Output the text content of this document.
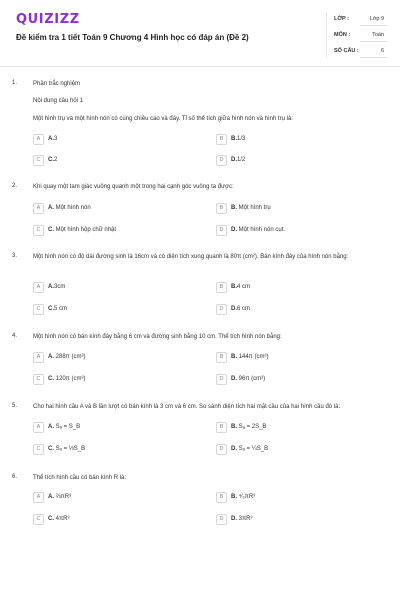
QUIZIZZ
Đề kiểm tra 1 tiết Toán 9 Chương 4 Hình học có đáp án (Đề 2)
LỚP :	Lớp 9
MÔN :	Toán
SỐ CÂU :	6
1.	Phần trắc nghiệm
Nội dung câu hỏi 1
Một hình trụ và một hình nón có cùng chiều cao và đáy. Tỉ số thể tích giữa hình nón và hình trụ là:
A	A.3	B	B.1/3
C	C.2	D	D.1/2
2.	Khi quay một tam giác vuông quanh một trong hai cạnh góc vuông ta được:
A	A. Một hình nón	B	B. Một hình trụ
C	C. Một hình hộp chữ nhật	D	D. Một hình nón cụt.
3.	Một hình nón có độ dài đường sinh là 16cm và có diện tích xung quanh là 80π (cm²). Bán kính đáy của hình nón bằng:
A	A.3cm	B	B.4 cm
C	C.5 cm	D	D.6 cm
4.	Một hình nón có bán kính đáy bằng 6 cm và đường sinh bằng 10 cm. Thể tích hình nón bằng:
A	A. 288π (cm³)	B	B. 144π (cm³)
C	C. 120π (cm³)	D	D. 96π (cm³)
5.	Cho hai hình cầu A và B lần lượt có bán kính là 3 cm và 6 cm. So sánh diện tích hai mặt cầu của hai hình cầu đó là:
A	A. Sₐ = S_B	B	B. Sₐ = 2S_B
C	C. Sₐ = ⅓S_B	D	D. Sₐ = ¼S_B
6.	Thể tích hình cầu có bán kính R là:
A	A. ⅔πR³	B	B. ⁴⁄₃πR³
C	C. 4πR³	D	D. 3πR³
